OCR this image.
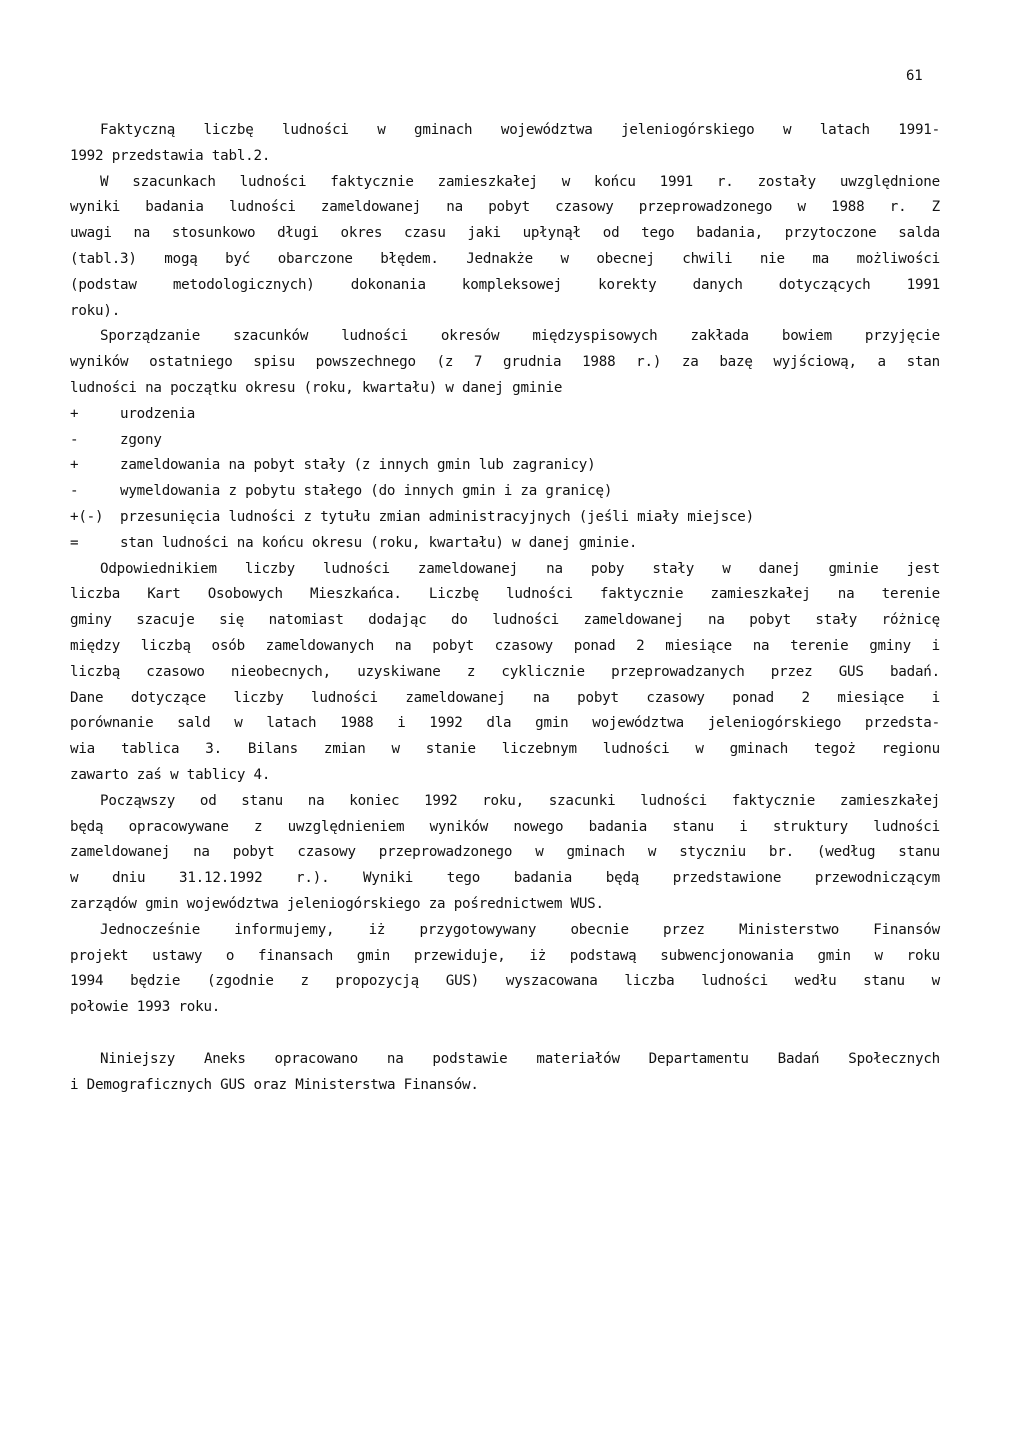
61
Faktyczną liczbę ludności w gminach województwa jeleniogórskiego w latach 1991-
1992 przedstawia tabl.2.
W szacunkach ludności faktycznie zamieszkałej w końcu 1991 r. zostały uwzględnione
wyniki badania ludności zameldowanej na pobyt czasowy przeprowadzonego w 1988 r. Z
uwagi na stosunkowo długi okres czasu jaki upłynął od tego badania, przytoczone salda
(tabl.3) mogą być obarczone błędem. Jednakże w obecnej chwili nie ma możliwości
(podstaw metodologicznych) dokonania kompleksowej korekty danych dotyczących 1991
roku).
Sporządzanie szacunków ludności okresów międzyspisowych zakłada bowiem przyjęcie
wyników ostatniego spisu powszechnego (z 7 grudnia 1988 r.) za bazę wyjściową, a stan
ludności na początku okresu (roku, kwartału) w danej gminie
+	urodzenia
-	zgony
+	zameldowania na pobyt stały (z innych gmin lub zagranicy)
-	wymeldowania z pobytu stałego (do innych gmin i za granicę)
+(-)	przesunięcia ludności z tytułu zmian administracyjnych (jeśli miały miejsce)
=	stan ludności na końcu okresu (roku, kwartału) w danej gminie.
Odpowiednikiem liczby ludności zameldowanej na poby stały w danej gminie jest
liczba Kart Osobowych Mieszkańca. Liczbę ludności faktycznie zamieszkałej na terenie
gminy szacuje się natomiast dodając do ludności zameldowanej na pobyt stały różnicę
między liczbą osób zameldowanych na pobyt czasowy ponad 2 miesiące na terenie gminy i
liczbą czasowo nieobecnych, uzyskiwane z cyklicznie przeprowadzanych przez GUS badań.
Dane dotyczące liczby ludności zameldowanej na pobyt czasowy ponad 2 miesiące i
porównanie sald w latach 1988 i 1992 dla gmin województwa jeleniogórskiego przedsta-
wia tablica 3. Bilans zmian w stanie liczebnym ludności w gminach tegoż regionu
zawarto zaś w tablicy 4.
Począwszy od stanu na koniec 1992 roku, szacunki ludności faktycznie zamieszkałej
będą opracowywane z uwzględnieniem wyników nowego badania stanu i struktury ludności
zameldowanej na pobyt czasowy przeprowadzonego w gminach w styczniu br. (według stanu
w dniu 31.12.1992 r.). Wyniki tego badania będą przedstawione przewodniczącym
zarządów gmin województwa jeleniogórskiego za pośrednictwem WUS.
Jednocześnie informujemy, iż przygotowywany obecnie przez Ministerstwo Finansów
projekt ustawy o finansach gmin przewiduje, iż podstawą subwencjonowania gmin w roku
1994 będzie (zgodnie z propozycją GUS) wyszacowana liczba ludności wedłu stanu w
połowie 1993 roku.
Niniejszy Aneks opracowano na podstawie materiałów Departamentu Badań Społecznych
i Demograficznych GUS oraz Ministerstwa Finansów.
